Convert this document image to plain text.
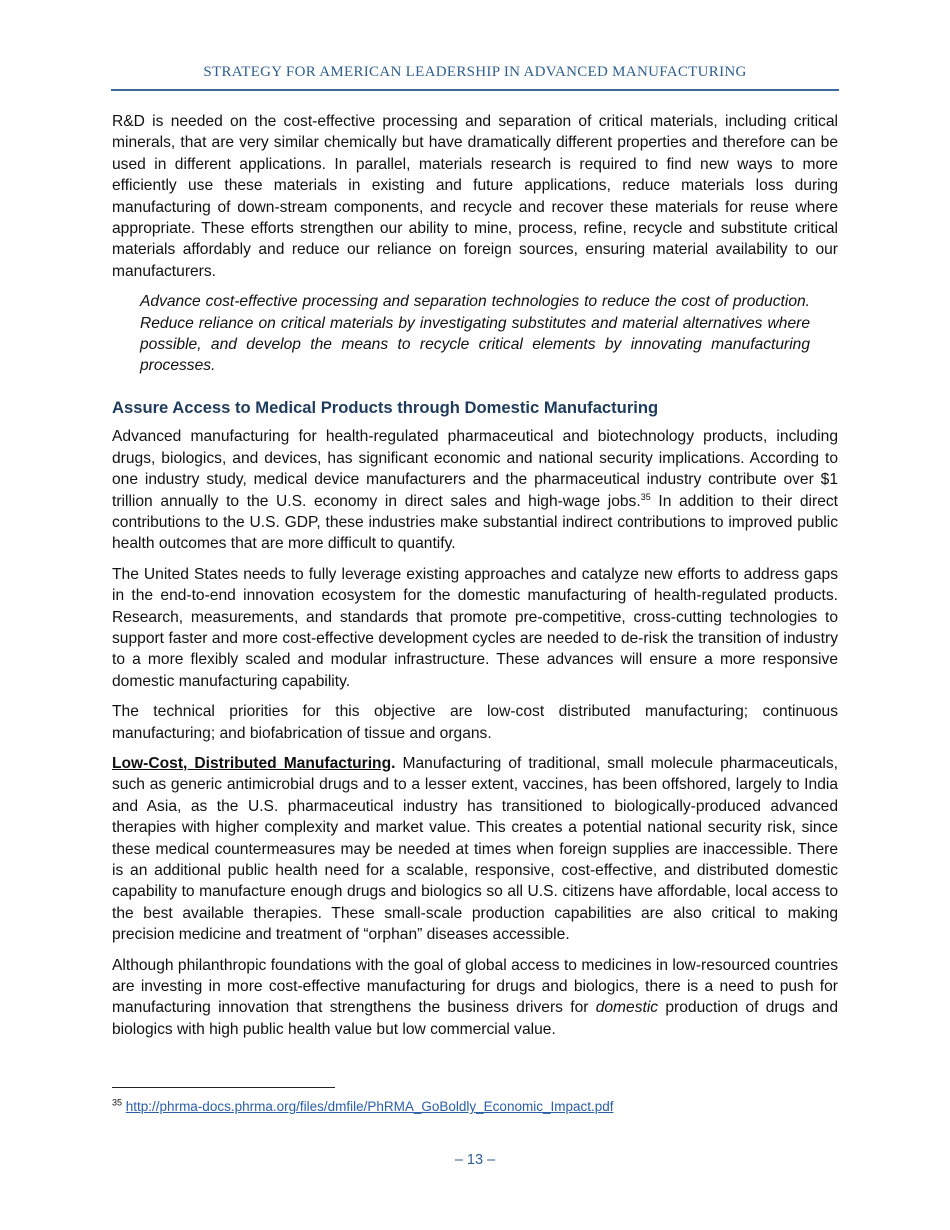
STRATEGY FOR AMERICAN LEADERSHIP IN ADVANCED MANUFACTURING

R&D is needed on the cost-effective processing and separation of critical materials, including critical minerals, that are very similar chemically but have dramatically different properties and therefore can be used in different applications. In parallel, materials research is required to find new ways to more efficiently use these materials in existing and future applications, reduce materials loss during manufacturing of down-stream components, and recycle and recover these materials for reuse where appropriate. These efforts strengthen our ability to mine, process, refine, recycle and substitute critical materials affordably and reduce our reliance on foreign sources, ensuring material availability to our manufacturers.

Advance cost-effective processing and separation technologies to reduce the cost of production. Reduce reliance on critical materials by investigating substitutes and material alternatives where possible, and develop the means to recycle critical elements by innovating manufacturing processes.

Assure Access to Medical Products through Domestic Manufacturing

Advanced manufacturing for health-regulated pharmaceutical and biotechnology products, including drugs, biologics, and devices, has significant economic and national security implications. According to one industry study, medical device manufacturers and the pharmaceutical industry contribute over $1 trillion annually to the U.S. economy in direct sales and high-wage jobs.$^{35}$ In addition to their direct contributions to the U.S. GDP, these industries make substantial indirect contributions to improved public health outcomes that are more difficult to quantify.

The United States needs to fully leverage existing approaches and catalyze new efforts to address gaps in the end-to-end innovation ecosystem for the domestic manufacturing of health-regulated products. Research, measurements, and standards that promote pre-competitive, cross-cutting technologies to support faster and more cost-effective development cycles are needed to de-risk the transition of industry to a more flexibly scaled and modular infrastructure. These advances will ensure a more responsive domestic manufacturing capability.

The technical priorities for this objective are low-cost distributed manufacturing; continuous manufacturing; and biofabrication of tissue and organs.

Low-Cost, Distributed Manufacturing. Manufacturing of traditional, small molecule pharmaceuticals, such as generic antimicrobial drugs and to a lesser extent, vaccines, has been offshored, largely to India and Asia, as the U.S. pharmaceutical industry has transitioned to biologically-produced advanced therapies with higher complexity and market value. This creates a potential national security risk, since these medical countermeasures may be needed at times when foreign supplies are inaccessible. There is an additional public health need for a scalable, responsive, cost-effective, and distributed domestic capability to manufacture enough drugs and biologics so all U.S. citizens have affordable, local access to the best available therapies. These small-scale production capabilities are also critical to making precision medicine and treatment of “orphan” diseases accessible.

Although philanthropic foundations with the goal of global access to medicines in low-resourced countries are investing in more cost-effective manufacturing for drugs and biologics, there is a need to push for manufacturing innovation that strengthens the business drivers for domestic production of drugs and biologics with high public health value but low commercial value.

$^{35}$ http://phrma-docs.phrma.org/files/dmfile/PhRMA_GoBoldly_Economic_Impact.pdf
– 13 –
